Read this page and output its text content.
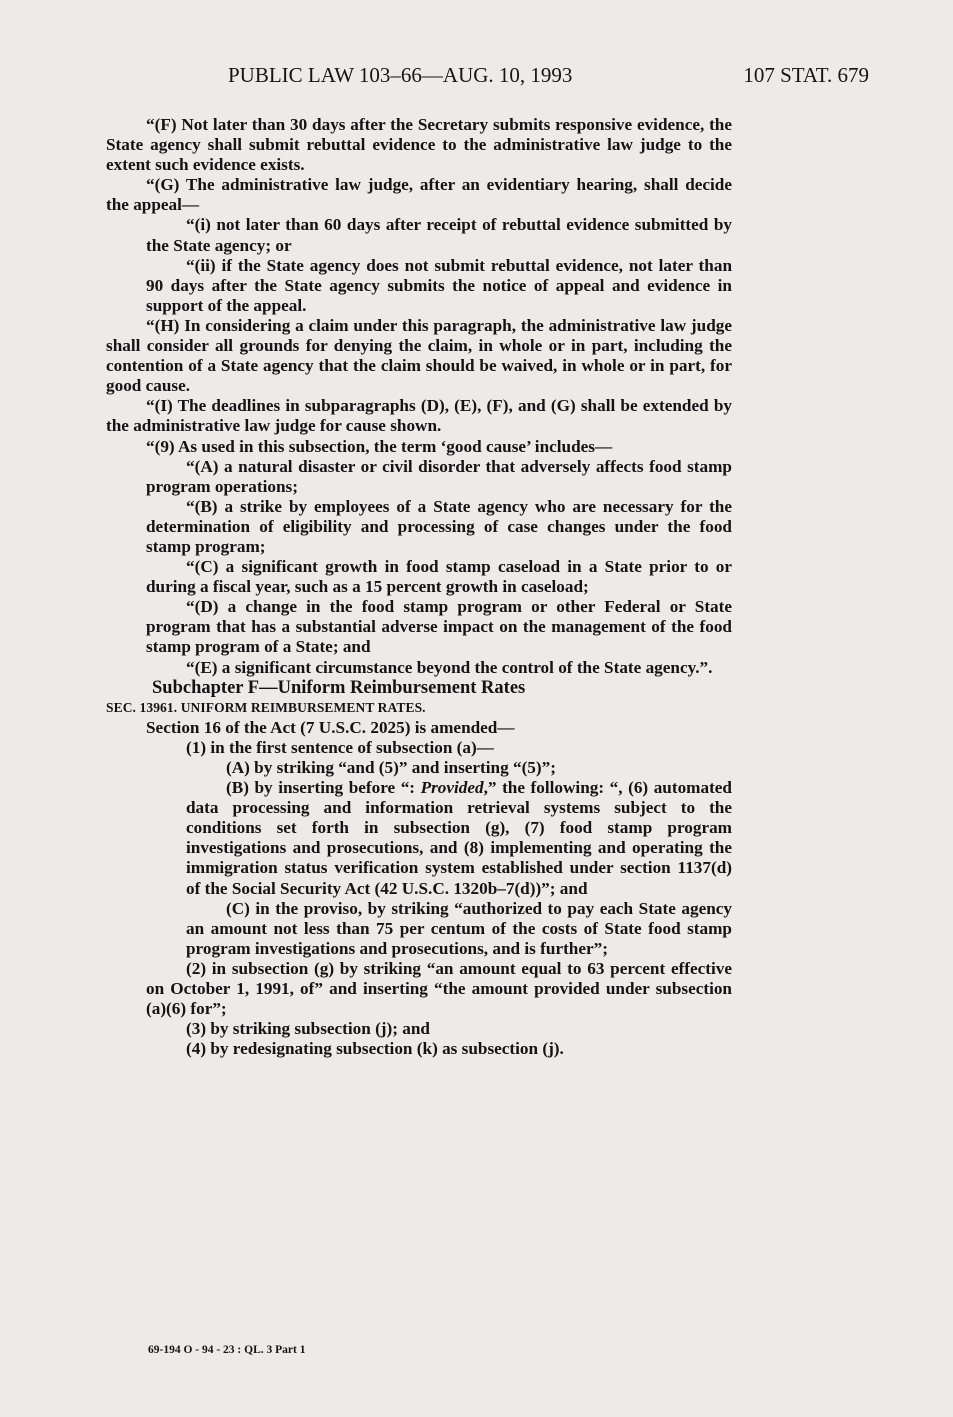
PUBLIC LAW 103–66—AUG. 10, 1993	107 STAT. 679

“(F) Not later than 30 days after the Secretary submits responsive evidence, the State agency shall submit rebuttal evidence to the administrative law judge to the extent such evidence exists.

“(G) The administrative law judge, after an evidentiary hearing, shall decide the appeal—

“(i) not later than 60 days after receipt of rebuttal evidence submitted by the State agency; or

“(ii) if the State agency does not submit rebuttal evidence, not later than 90 days after the State agency submits the notice of appeal and evidence in support of the appeal.

“(H) In considering a claim under this paragraph, the administrative law judge shall consider all grounds for denying the claim, in whole or in part, including the contention of a State agency that the claim should be waived, in whole or in part, for good cause.

“(I) The deadlines in subparagraphs (D), (E), (F), and (G) shall be extended by the administrative law judge for cause shown.

“(9) As used in this subsection, the term ‘good cause’ includes—

“(A) a natural disaster or civil disorder that adversely affects food stamp program operations;

“(B) a strike by employees of a State agency who are necessary for the determination of eligibility and processing of case changes under the food stamp program;

“(C) a significant growth in food stamp caseload in a State prior to or during a fiscal year, such as a 15 percent growth in caseload;

“(D) a change in the food stamp program or other Federal or State program that has a substantial adverse impact on the management of the food stamp program of a State; and

“(E) a significant circumstance beyond the control of the State agency.”.

Subchapter F—Uniform Reimbursement Rates

SEC. 13961. UNIFORM REIMBURSEMENT RATES.

Section 16 of the Act (7 U.S.C. 2025) is amended—

(1) in the first sentence of subsection (a)—

(A) by striking “and (5)” and inserting “(5)”;

(B) by inserting before “: Provided,” the following: “, (6) automated data processing and information retrieval systems subject to the conditions set forth in subsection (g), (7) food stamp program investigations and prosecutions, and (8) implementing and operating the immigration status verification system established under section 1137(d) of the Social Security Act (42 U.S.C. 1320b–7(d))”; and

(C) in the proviso, by striking “authorized to pay each State agency an amount not less than 75 per centum of the costs of State food stamp program investigations and prosecutions, and is further”;

(2) in subsection (g) by striking “an amount equal to 63 percent effective on October 1, 1991, of” and inserting “the amount provided under subsection (a)(6) for”;

(3) by striking subsection (j); and

(4) by redesignating subsection (k) as subsection (j).

69-194 O - 94 - 23 : QL. 3 Part 1
